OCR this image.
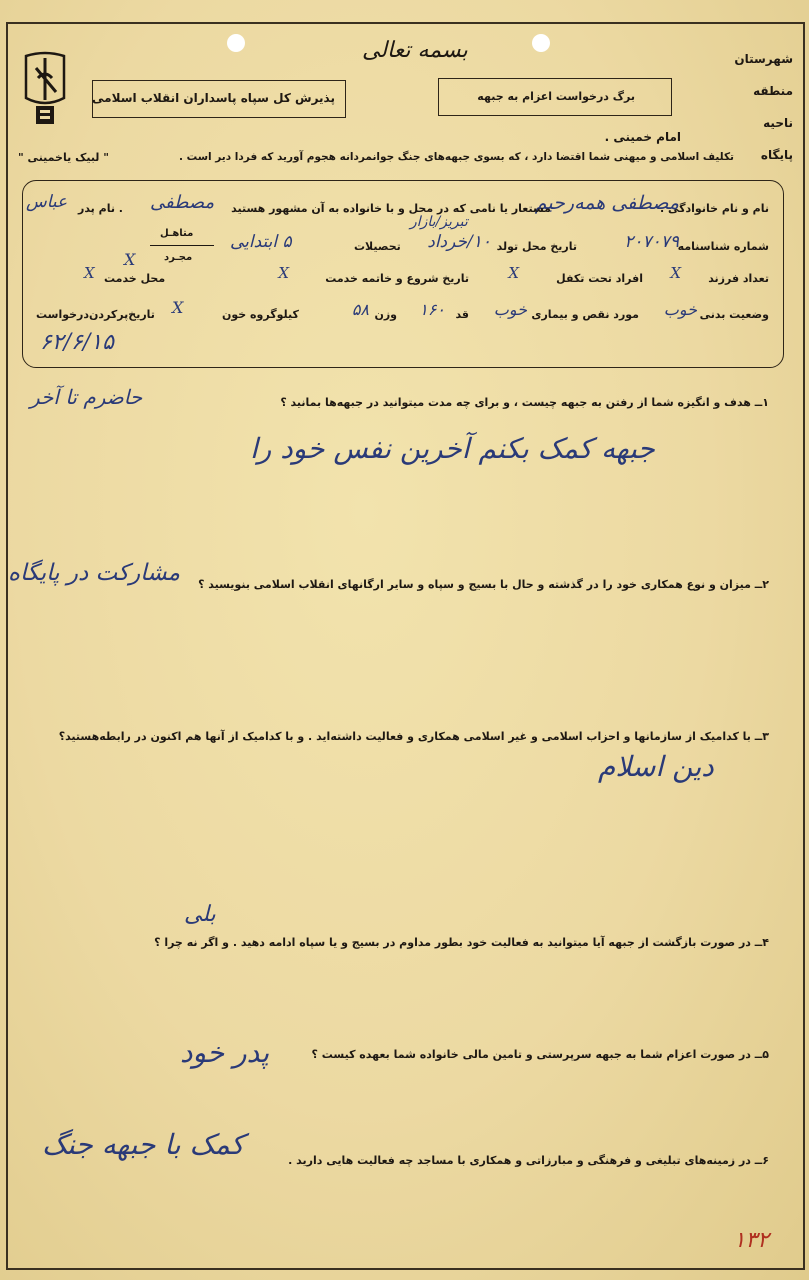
بسمه تعالی
پذیرش کل سپاه پاسداران انقلاب اسلامی	برگ درخواست اعزام به جبهه
شهرستان
منطقه
ناحیه
پایگاه
امام خمینی .
تکلیف اسلامی و میهنی شما اقتضا دارد ، که بسوی جبهه‌های جنگ جوانمردانه هجوم آورید که فردا دیر است .
" لبیک یاخمینی "
نام و نام خانوادگی .
مصطفی همه‌رحیم
مستعار یا نامی که در محل و با خانواده به آن مشهور هستید
مصطفی
. نام پدر
عباس
شماره شناسنامه
۲۰۷۰۷۹
تاریخ محل تولد
۱۰/خرداد
تبریز/بازار
تحصیلات
۵ ابتدایی
متاهـل
مجـرد
X
تعداد فرزند
X
افراد تحت تکفل
X
تاریخ شروع و خاتمه خدمت
X
محل خدمت
X
وضعیت بدنی
خوب
مورد نقص و بیماری
خوب
قد
۱۶۰
وزن
۵۸
کیلوگروه خون
X
تاریخ‌پرکردن‌درخواست
۶۲/۶/۱۵
۱ــ هدف و انگیزه شما از رفتن به جبهه چیست ، و برای چه مدت میتوانید در جبهه‌ها بمانید ؟
حاضرم تا آخر
جبهه کمک بکنم آخرین نفس خود را
۲ــ میزان و نوع همکاری خود را در گذشته و حال با بسیج و سپاه و سایر ارگانهای انقلاب اسلامی بنویسید ؟
مشارکت در پایگاه
۳ــ با کدامیک از سازمانها و احزاب اسلامی و غیر اسلامی همکاری و فعالیت داشته‌اید . و با کدامیک از آنها هم اکنون در رابطه‌هستید؟
دین اسلام
۴ــ در صورت بازگشت از جبهه آیا میتوانید به فعالیت خود بطور مداوم در بسیج و یا سپاه ادامه دهید . و اگر نه چرا ؟
بلی
۵ــ در صورت اعزام شما به جبهه سرپرستی و تامین مالی خانواده شما بعهده کیست ؟
پدر خود
۶ــ در زمینه‌های تبلیغی و فرهنگی و مبارزاتی و همکاری با مساجد چه فعالیت هایی دارید .
کمک با جبهه جنگ
۱۳۲
